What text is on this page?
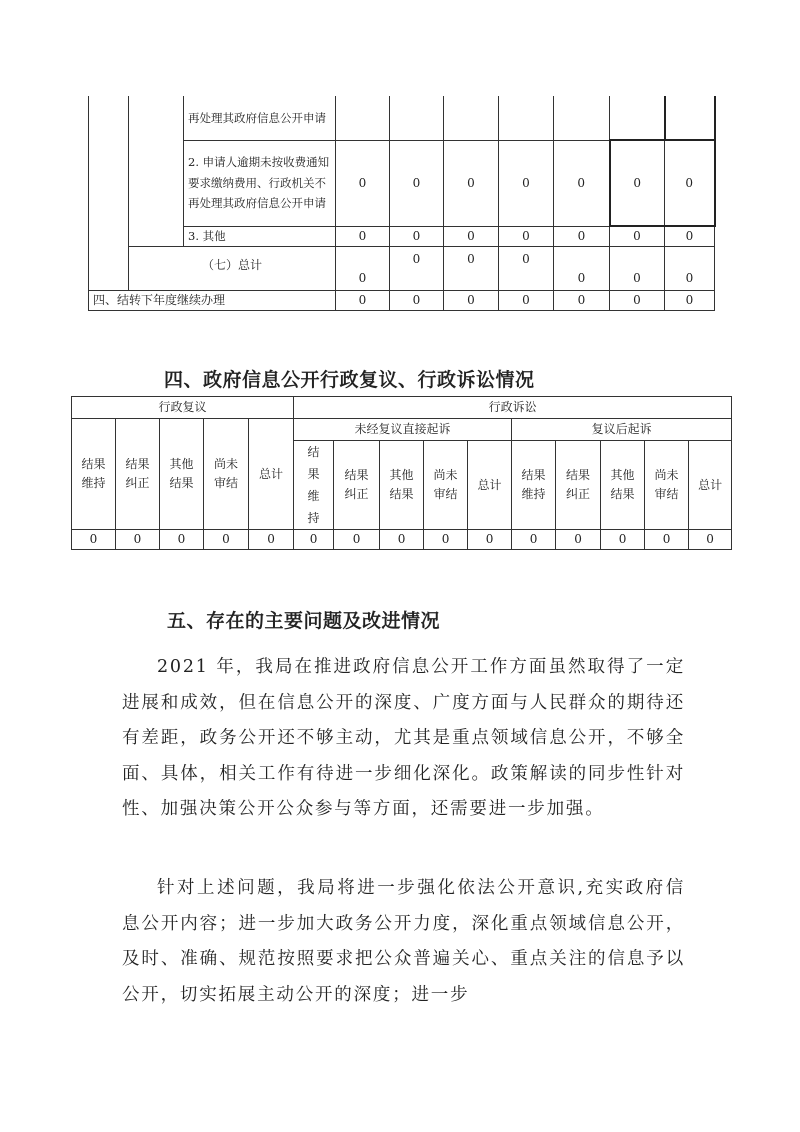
		再处理其政府信息公开申请							
		2. 申请人逾期未按收费通知要求缴纳费用、行政机关不再处理其政府信息公开申请	0	0	0	0	0	0	0
		3. 其他	0	0	0	0	0	0	0
	（七）总计		0	0	0	0	0	0	0
四、结转下年度继续办理			0	0	0	0	0	0	0
四、政府信息公开行政复议、行政诉讼情况
行政复议					行政诉讼									
结果维持	结果纠正	其他结果	尚未审结	总计	未经复议直接起诉					复议后起诉				
					结果维持	结果纠正	其他结果	尚未审结	总计	结果维持	结果纠正	其他结果	尚未审结	总计
0	0	0	0	0	0	0	0	0	0	0	0	0	0	0
五、存在的主要问题及改进情况

2021 年，我局在推进政府信息公开工作方面虽然取得了一定进展和成效，但在信息公开的深度、广度方面与人民群众的期待还有差距，政务公开还不够主动，尤其是重点领域信息公开，不够全面、具体，相关工作有待进一步细化深化。政策解读的同步性针对性、加强决策公开公众参与等方面，还需要进一步加强。

针对上述问题，我局将进一步强化依法公开意识,充实政府信息公开内容；进一步加大政务公开力度，深化重点领域信息公开，及时、准确、规范按照要求把公众普遍关心、重点关注的信息予以公开，切实拓展主动公开的深度；进一步
